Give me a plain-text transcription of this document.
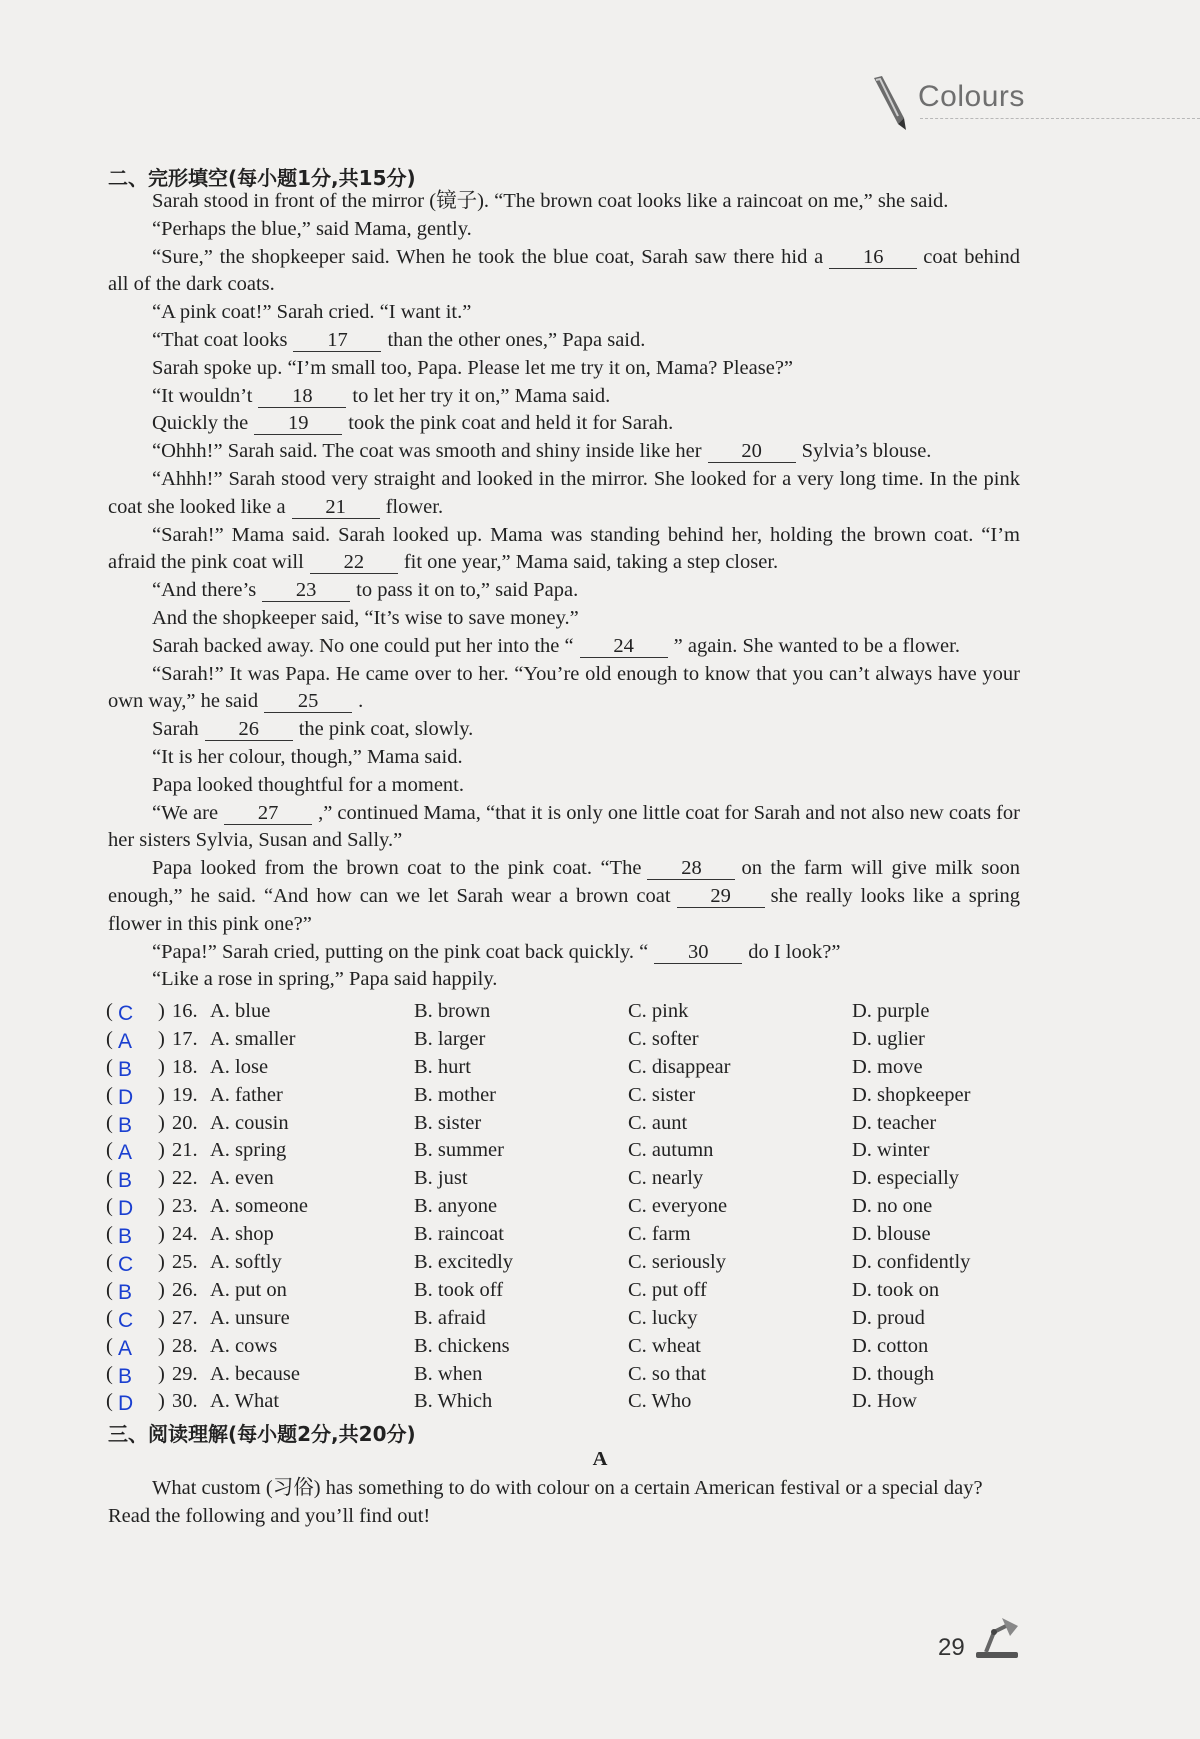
Colours
二、完形填空(每小题1分,共15分)

Sarah stood in front of the mirror (镜子). “The brown coat looks like a raincoat on me,” she said.

“Perhaps the blue,” said Mama, gently.

“Sure,” the shopkeeper said. When he took the blue coat, Sarah saw there hid a 16 coat behind all of the dark coats.

“A pink coat!” Sarah cried. “I want it.”

“That coat looks 17 than the other ones,” Papa said.

Sarah spoke up. “I’m small too, Papa. Please let me try it on, Mama? Please?”

“It wouldn’t 18 to let her try it on,” Mama said.

Quickly the 19 took the pink coat and held it for Sarah.

“Ohhh!” Sarah said. The coat was smooth and shiny inside like her 20 Sylvia’s blouse.

“Ahhh!” Sarah stood very straight and looked in the mirror. She looked for a very long time. In the pink coat she looked like a 21 flower.

“Sarah!” Mama said. Sarah looked up. Mama was standing behind her, holding the brown coat. “I’m afraid the pink coat will 22 fit one year,” Mama said, taking a step closer.

“And there’s 23 to pass it on to,” said Papa.

And the shopkeeper said, “It’s wise to save money.”

Sarah backed away. No one could put her into the “ 24 ” again. She wanted to be a flower.

“Sarah!” It was Papa. He came over to her. “You’re old enough to know that you can’t always have your own way,” he said 25 .

Sarah 26 the pink coat, slowly.

“It is her colour, though,” Mama said.

Papa looked thoughtful for a moment.

“We are 27 ,” continued Mama, “that it is only one little coat for Sarah and not also new coats for her sisters Sylvia, Susan and Sally.”

Papa looked from the brown coat to the pink coat. “The 28 on the farm will give milk soon enough,” he said. “And how can we let Sarah wear a brown coat 29 she really looks like a spring flower in this pink one?”

“Papa!” Sarah cried, putting on the pink coat back quickly. “ 30 do I look?”

“Like a rose in spring,” Papa said happily.

( C ) 16. A. blue	B. brown	C. pink	D. purple
( A ) 17. A. smaller	B. larger	C. softer	D. uglier
( B ) 18. A. lose	B. hurt	C. disappear	D. move
( D ) 19. A. father	B. mother	C. sister	D. shopkeeper
( B ) 20. A. cousin	B. sister	C. aunt	D. teacher
( A ) 21. A. spring	B. summer	C. autumn	D. winter
( B ) 22. A. even	B. just	C. nearly	D. especially
( D ) 23. A. someone	B. anyone	C. everyone	D. no one
( B ) 24. A. shop	B. raincoat	C. farm	D. blouse
( C ) 25. A. softly	B. excitedly	C. seriously	D. confidently
( B ) 26. A. put on	B. took off	C. put off	D. took on
( C ) 27. A. unsure	B. afraid	C. lucky	D. proud
( A ) 28. A. cows	B. chickens	C. wheat	D. cotton
( B ) 29. A. because	B. when	C. so that	D. though
( D ) 30. A. What	B. Which	C. Who	D. How
三、阅读理解(每小题2分,共20分)
A

What custom (习俗) has something to do with colour on a certain American festival or a special day? Read the following and you’ll find out!

29
